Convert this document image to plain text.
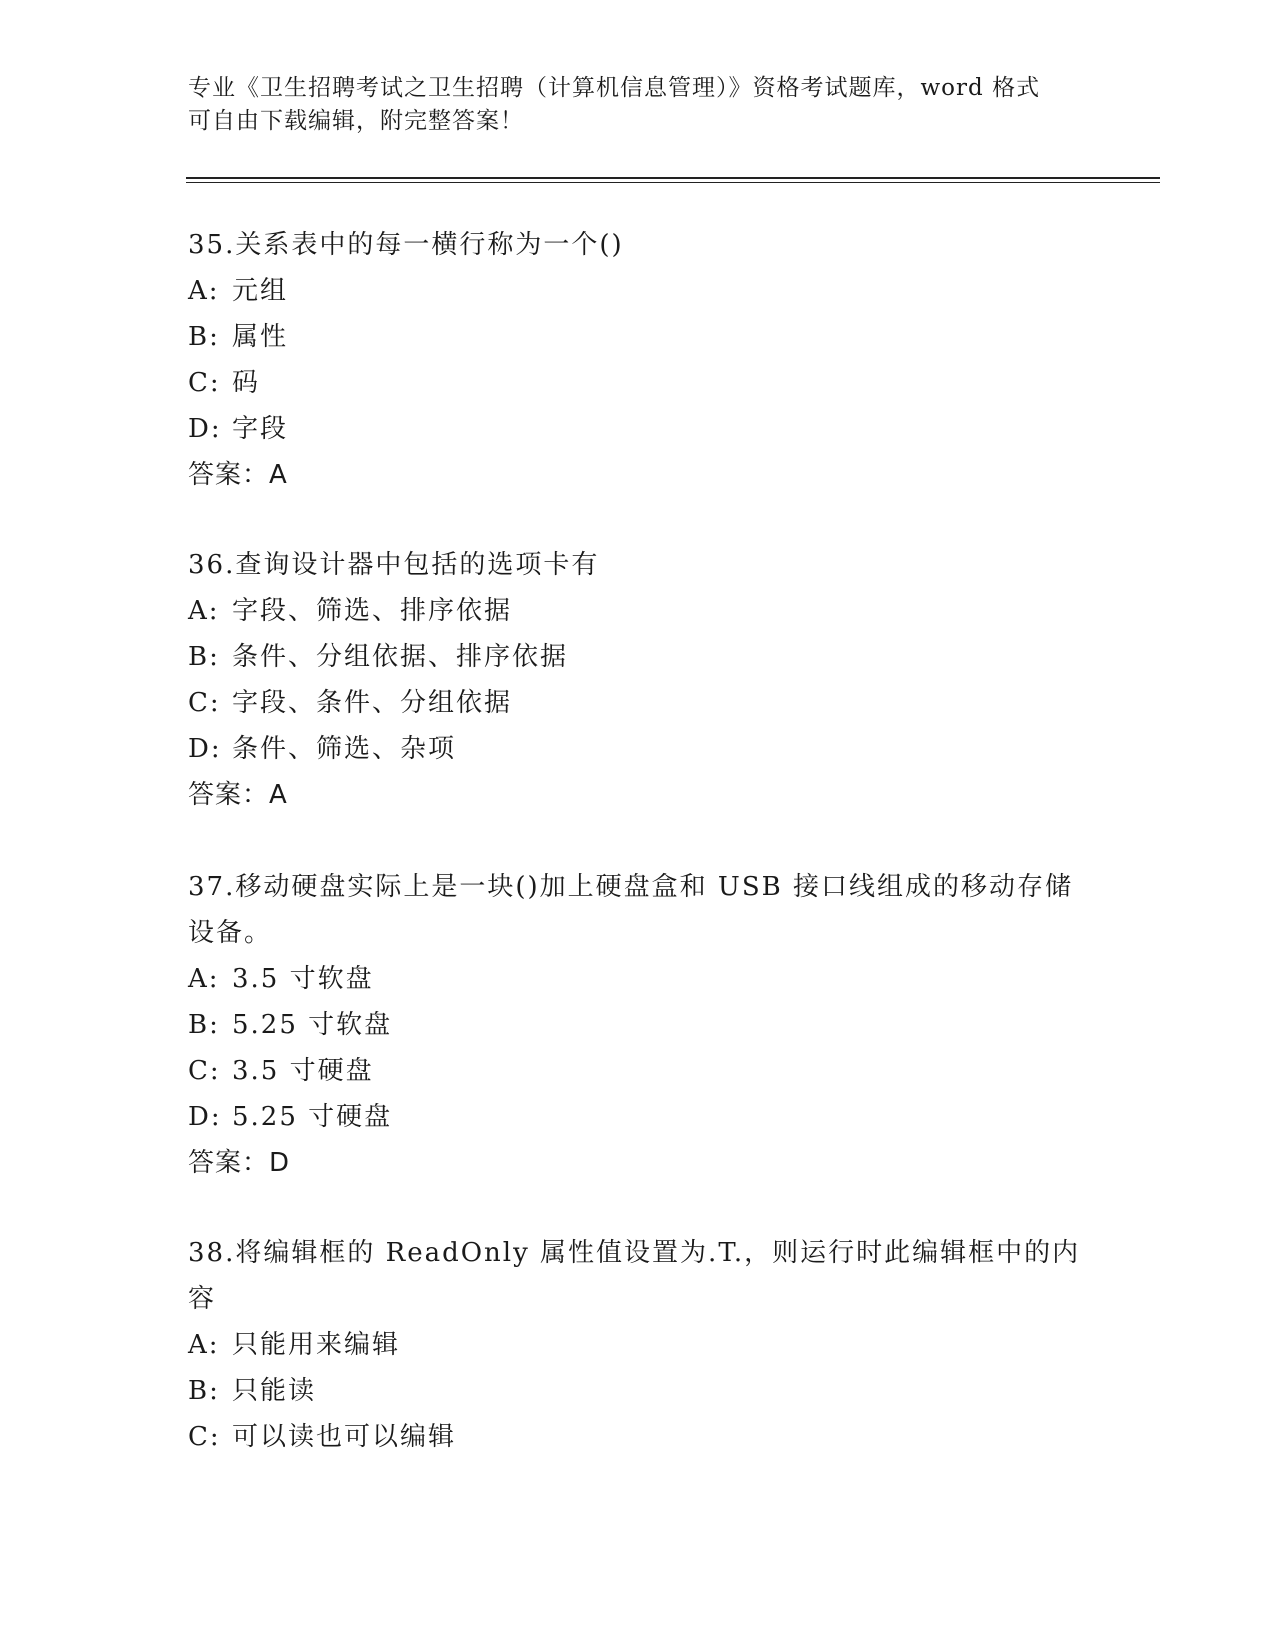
专业《卫生招聘考试之卫生招聘（计算机信息管理）》资格考试题库，word 格式
可自由下载编辑，附完整答案！
35.关系表中的每一横行称为一个()
A: 元组
B: 属性
C: 码
D: 字段
答案：A
36.查询设计器中包括的选项卡有
A: 字段、筛选、排序依据
B: 条件、分组依据、排序依据
C: 字段、条件、分组依据
D: 条件、筛选、杂项
答案：A
37.移动硬盘实际上是一块()加上硬盘盒和 USB 接口线组成的移动存储
设备。
A: 3.5 寸软盘
B: 5.25 寸软盘
C: 3.5 寸硬盘
D: 5.25 寸硬盘
答案：D
38.将编辑框的 ReadOnly 属性值设置为.T.，则运行时此编辑框中的内
容
A: 只能用来编辑
B: 只能读
C: 可以读也可以编辑
